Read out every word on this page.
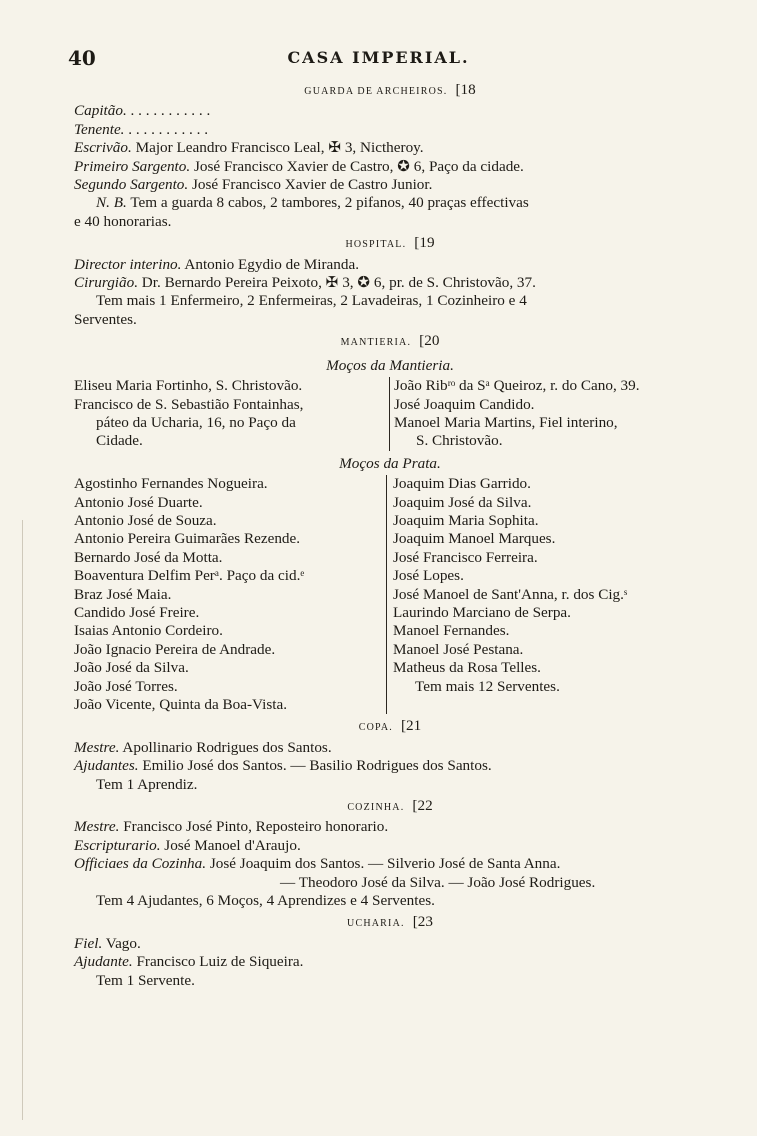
40	CASA IMPERIAL.
GUARDA DE ARCHEIROS. [18
Capitão. . . . . . . . . . . .
Tenente. . . . . . . . . . . .
Escrivão. Major Leandro Francisco Leal, ✠ 3, Nictheroy.
Primeiro Sargento. José Francisco Xavier de Castro, ✪ 6, Paço da cidade.
Segundo Sargento. José Francisco Xavier de Castro Junior.
N. B. Tem a guarda 8 cabos, 2 tambores, 2 pifanos, 40 praças effectivas
e 40 honorarias.
HOSPITAL. [19
Director interino. Antonio Egydio de Miranda.
Cirurgião. Dr. Bernardo Pereira Peixoto, ✠ 3, ✪ 6, pr. de S. Christovão, 37.
Tem mais 1 Enfermeiro, 2 Enfermeiras, 2 Lavadeiras, 1 Cozinheiro e 4
Serventes.
MANTIERIA. [20
Moços da Mantieria.
Eliseu Maria Fortinho, S. Christovão.
Francisco de S. Sebastião Fontainhas,
páteo da Ucharia, 16, no Paço da
Cidade.
João Ribʳᵒ da Sᵃ Queiroz, r. do Cano, 39.
José Joaquim Candido.
Manoel Maria Martins, Fiel interino,
S. Christovão.
Moços da Prata.
Agostinho Fernandes Nogueira.
Antonio José Duarte.
Antonio José de Souza.
Antonio Pereira Guimarães Rezende.
Bernardo José da Motta.
Boaventura Delfim Perᵃ. Paço da cid.ᵉ
Braz José Maia.
Candido José Freire.
Isaias Antonio Cordeiro.
João Ignacio Pereira de Andrade.
João José da Silva.
João José Torres.
João Vicente, Quinta da Boa-Vista.
Joaquim Dias Garrido.
Joaquim José da Silva.
Joaquim Maria Sophita.
Joaquim Manoel Marques.
José Francisco Ferreira.
José Lopes.
José Manoel de Sant'Anna, r. dos Cig.ˢ
Laurindo Marciano de Serpa.
Manoel Fernandes.
Manoel José Pestana.
Matheus da Rosa Telles.
Tem mais 12 Serventes.
COPA. [21
Mestre. Apollinario Rodrigues dos Santos.
Ajudantes. Emilio José dos Santos. — Basilio Rodrigues dos Santos.
Tem 1 Aprendiz.
COZINHA. [22
Mestre. Francisco José Pinto, Reposteiro honorario.
Escripturario. José Manoel d'Araujo.
Officiaes da Cozinha. José Joaquim dos Santos. — Silverio José de Santa Anna.
— Theodoro José da Silva. — João José Rodrigues.
Tem 4 Ajudantes, 6 Moços, 4 Aprendizes e 4 Serventes.
UCHARIA. [23
Fiel. Vago.
Ajudante. Francisco Luiz de Siqueira.
Tem 1 Servente.
